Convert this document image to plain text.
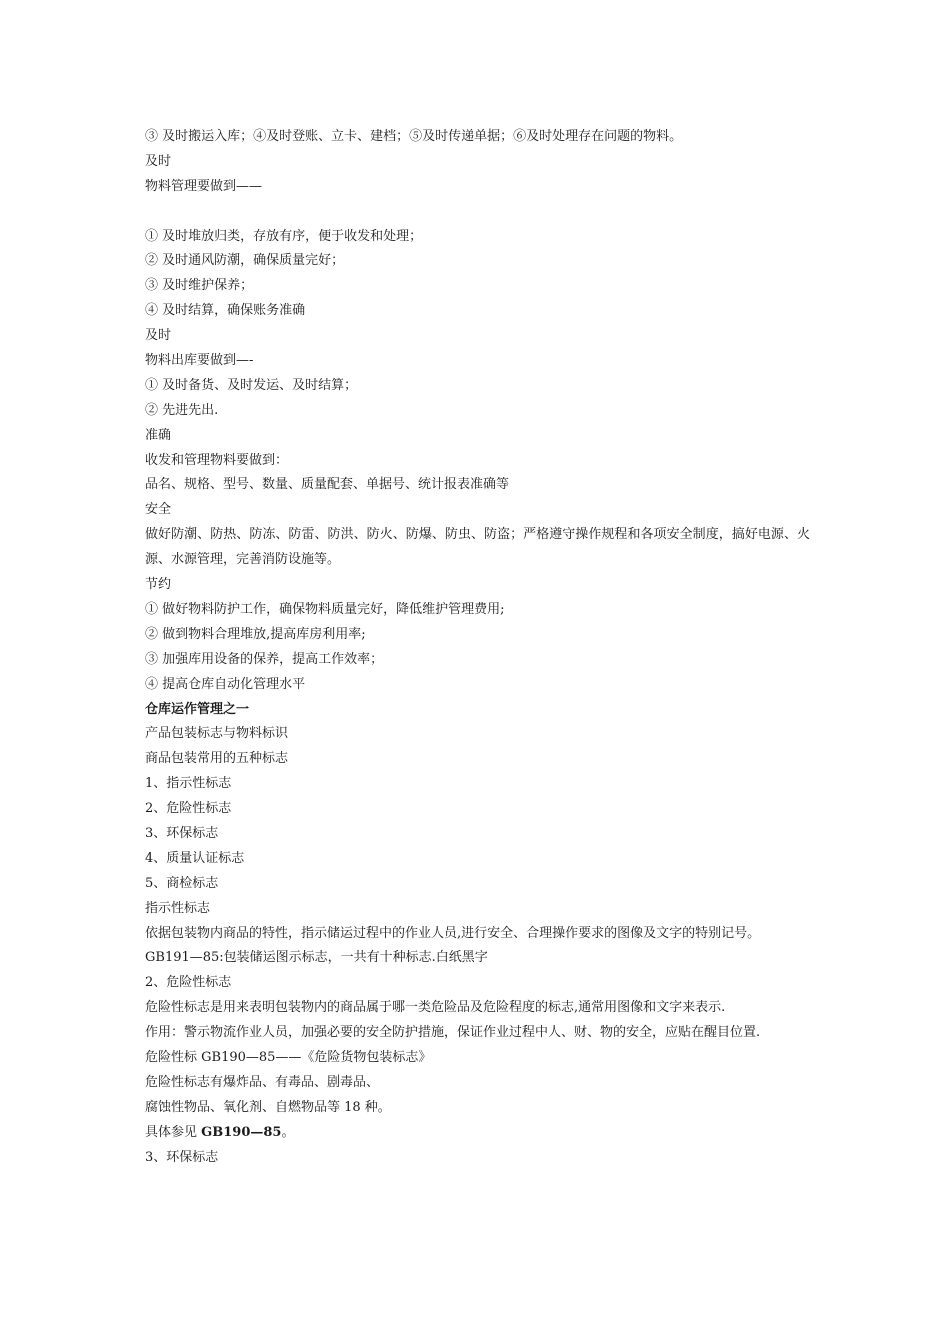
③ 及时搬运入库；④及时登账、立卡、建档；⑤及时传递单据；⑥及时处理存在问题的物料。
及时
物料管理要做到——
① 及时堆放归类，存放有序，便于收发和处理；
② 及时通风防潮，确保质量完好；
③ 及时维护保养；
④ 及时结算，确保账务准确
及时
物料出库要做到—-
① 及时备货、及时发运、及时结算；
② 先进先出.
准确
收发和管理物料要做到：
品名、规格、型号、数量、质量配套、单据号、统计报表准确等
安全
做好防潮、防热、防冻、防雷、防洪、防火、防爆、防虫、防盗；严格遵守操作规程和各项安全制度，搞好电源、火源、水源管理，完善消防设施等。
节约
① 做好物料防护工作，确保物料质量完好，降低维护管理费用;
② 做到物料合理堆放,提高库房利用率;
③ 加强库用设备的保养，提高工作效率；
④ 提高仓库自动化管理水平
仓库运作管理之一
产品包装标志与物料标识
商品包装常用的五种标志
1、指示性标志
2、危险性标志
3、环保标志
4、质量认证标志
5、商检标志
指示性标志
依据包装物内商品的特性，指示储运过程中的作业人员,进行安全、合理操作要求的图像及文字的特别记号。
GB191—85:包装储运图示标志，一共有十种标志.白纸黑字
2、危险性标志
危险性标志是用来表明包装物内的商品属于哪一类危险品及危险程度的标志,通常用图像和文字来表示.
作用：警示物流作业人员，加强必要的安全防护措施，保证作业过程中人、财、物的安全，应贴在醒目位置.
危险性标 GB190—85——《危险货物包装标志》
危险性标志有爆炸品、有毒品、剧毒品、
腐蚀性物品、氧化剂、自燃物品等 18 种。
具体参见 GB190—85。
3、环保标志
